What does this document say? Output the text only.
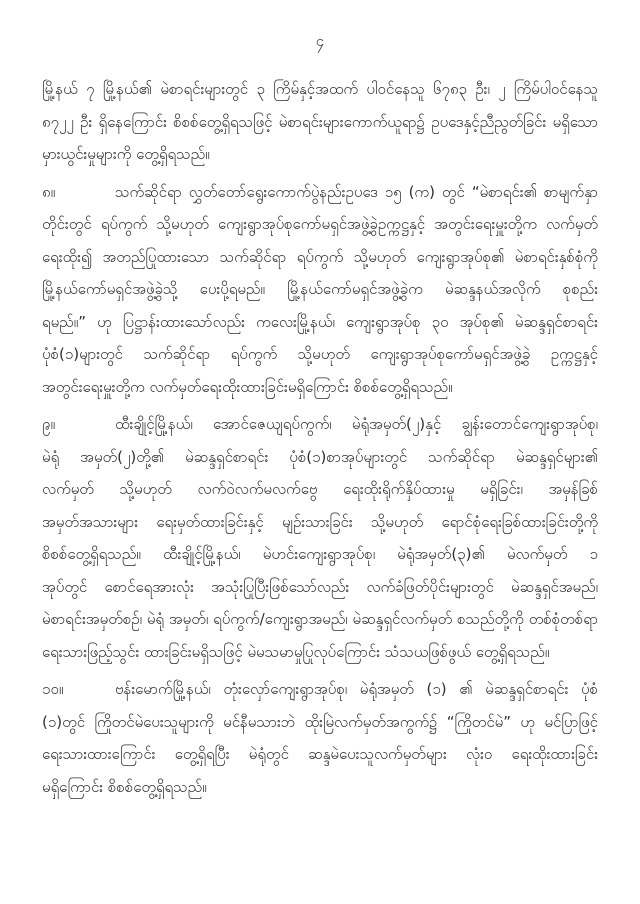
၄

မြို့နယ် ၇ မြို့နယ်၏ မဲစာရင်းများတွင် ၃ ကြိမ်နှင့်အထက် ပါဝင်နေသူ ၆၇၈၃ ဦး၊ ၂ ကြိမ်ပါဝင်နေသူ
၈၇၂၂ ဦး ရှိနေကြောင်း စိစစ်တွေ့ရှိရသဖြင့် မဲစာရင်းများကောက်ယူရာ၌ ဥပဒေနှင့်ညီညွတ်ခြင်း မရှိသော
မှားယွင်းမှုများကို တွေ့ရှိရသည်။

၈။	သက်ဆိုင်ရာ လွှတ်တော်ရွေးကောက်ပွဲနည်းဥပဒေ ၁၅ (က) တွင် “မဲစာရင်း၏ စာမျက်နှာ
တိုင်းတွင် ရပ်ကွက် သို့မဟုတ် ကျေးရွာအုပ်စုကော်မရှင်အဖွဲ့ခွဲဥက္ကဋ္ဌနှင့် အတွင်းရေးမှူးတို့က လက်မှတ်
ရေးထိုး၍ အတည်ပြုထားသော သက်ဆိုင်ရာ ရပ်ကွက် သို့မဟုတ် ကျေးရွာအုပ်စု၏ မဲစာရင်းနှစ်စုံကို
မြို့နယ်ကော်မရှင်အဖွဲ့ခွဲသို့ ပေးပို့ရမည်။ မြို့နယ်ကော်မရှင်အဖွဲ့ခွဲက မဲဆန္ဒနယ်အလိုက် စုစည်း
ရမည်။” ဟု ပြဋ္ဌာန်းထားသော်လည်း ကလေးမြို့နယ်၊ ကျေးရွာအုပ်စု ၃၀ အုပ်စု၏ မဲဆန္ဒရှင်စာရင်း
ပုံစံ(၁)များတွင် သက်ဆိုင်ရာ ရပ်ကွက် သို့မဟုတ် ကျေးရွာအုပ်စုကော်မရှင်အဖွဲ့ခွဲ ဥက္ကဋ္ဌနှင့်
အတွင်းရေးမှူးတို့က လက်မှတ်ရေးထိုးထားခြင်းမရှိကြောင်း စိစစ်တွေ့ရှိရသည်။

၉။	ထီးချိုင့်မြို့နယ်၊ အောင်ဇေယျရပ်ကွက်၊ မဲရုံအမှတ်(၂)နှင့် ချွန်းတောင်ကျေးရွာအုပ်စု၊
မဲရုံ အမှတ်(၂)တို့၏ မဲဆန္ဒရှင်စာရင်း ပုံစံ(၁)စာအုပ်များတွင် သက်ဆိုင်ရာ မဲဆန္ဒရှင်များ၏
လက်မှတ် သို့မဟုတ် လက်ဝဲလက်မလက်ဗွေ ရေးထိုးရိုက်နှိပ်ထားမှု မရှိခြင်း၊ အမှန်ခြစ်
အမှတ်အသားများ ရေးမှတ်ထားခြင်းနှင့် မျဉ်းသားခြင်း သို့မဟုတ် ရောင်စုံရေးခြစ်ထားခြင်းတို့ကို
စိစစ်တွေ့ရှိရသည်။ ထီးချိုင့်မြို့နယ်၊ မဲဟင်းကျေးရွာအုပ်စု၊ မဲရုံအမှတ်(၃)၏ မဲလက်မှတ် ၁
အုပ်တွင် စောင်ရေအားလုံး အသုံးပြုပြီးဖြစ်သော်လည်း လက်ခံဖြတ်ပိုင်းများတွင် မဲဆန္ဒရှင်အမည်၊
မဲစာရင်းအမှတ်စဉ်၊ မဲရုံ အမှတ်၊ ရပ်ကွက်/ကျေးရွာအမည်၊ မဲဆန္ဒရှင်လက်မှတ် စသည်တို့ကို တစ်စုံတစ်ရာ
ရေးသားဖြည့်သွင်း ထားခြင်းမရှိသဖြင့် မဲမသမာမှုပြုလုပ်ကြောင်း သံသယဖြစ်ဖွယ် တွေ့ရှိရသည်။

၁၀။	ဗန်းမောက်မြို့နယ်၊ တုံးလှော်ကျေးရွာအုပ်စု၊ မဲရုံအမှတ် (၁) ၏ မဲဆန္ဒရှင်စာရင်း ပုံစံ
(၁)တွင် ကြိုတင်မဲပေးသူများကို မင်နီမသားဘဲ ထိုးမြဲလက်မှတ်အကွက်၌ “ကြိုတင်မဲ” ဟု မင်ပြာဖြင့်
ရေးသားထားကြောင်း တွေ့ရှိရပြီး မဲရုံတွင် ဆန္ဒမဲပေးသူလက်မှတ်များ လုံးဝ ရေးထိုးထားခြင်း
မရှိကြောင်း စိစစ်တွေ့ရှိရသည်။
